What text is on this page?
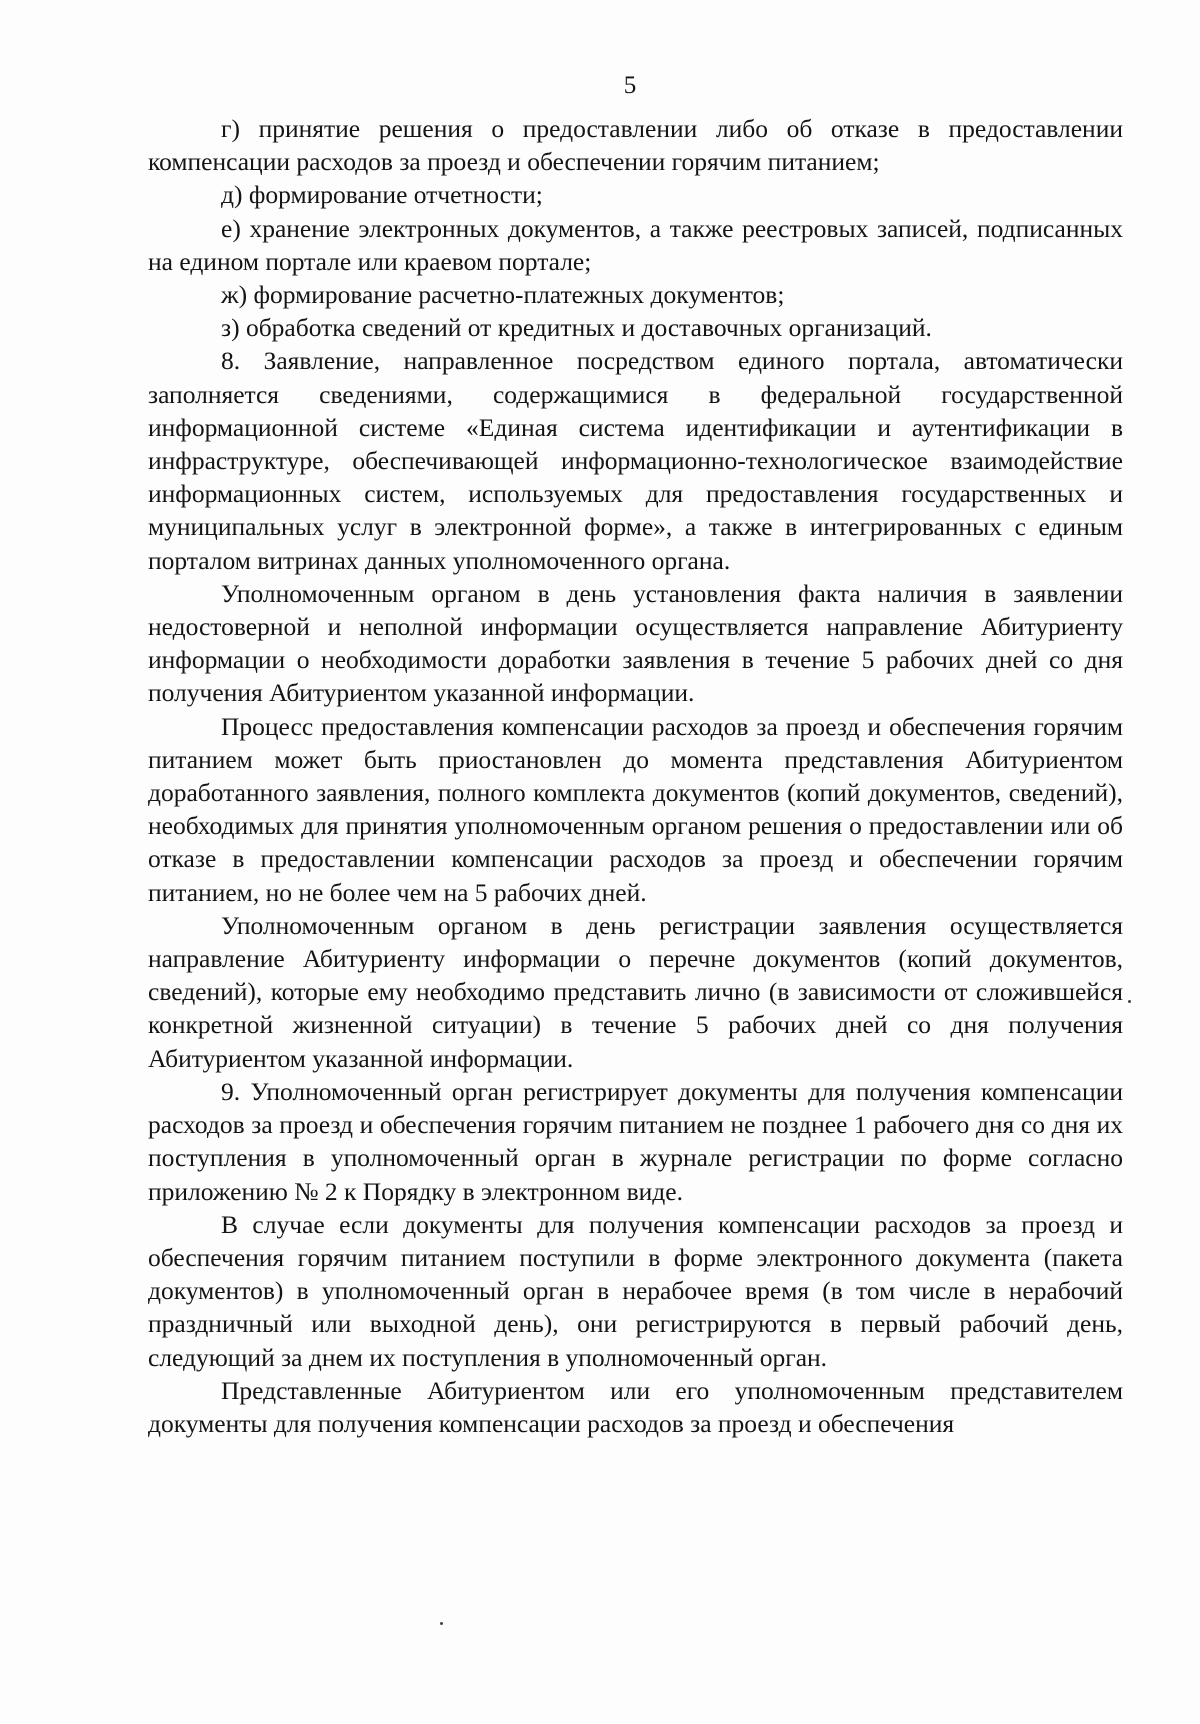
5

г) принятие решения о предоставлении либо об отказе в предоставлении компенсации расходов за проезд и обеспечении горячим питанием;

д) формирование отчетности;

е) хранение электронных документов, а также реестровых записей, подписанных на едином портале или краевом портале;

ж) формирование расчетно-платежных документов;

з) обработка сведений от кредитных и доставочных организаций.

8. Заявление, направленное посредством единого портала, автоматически заполняется сведениями, содержащимися в федеральной государственной информационной системе «Единая система идентификации и аутентификации в инфраструктуре, обеспечивающей информационно-технологическое взаимодействие информационных систем, используемых для предоставления государственных и муниципальных услуг в электронной форме», а также в интегрированных с единым порталом витринах данных уполномоченного органа.

Уполномоченным органом в день установления факта наличия в заявлении недостоверной и неполной информации осуществляется направление Абитуриенту информации о необходимости доработки заявления в течение 5 рабочих дней со дня получения Абитуриентом указанной информации.

Процесс предоставления компенсации расходов за проезд и обеспечения горячим питанием может быть приостановлен до момента представления Абитуриентом доработанного заявления, полного комплекта документов (копий документов, сведений), необходимых для принятия уполномоченным органом решения о предоставлении или об отказе в предоставлении компенсации расходов за проезд и обеспечении горячим питанием, но не более чем на 5 рабочих дней.

Уполномоченным органом в день регистрации заявления осуществляется направление Абитуриенту информации о перечне документов (копий документов, сведений), которые ему необходимо представить лично (в зависимости от сложившейся конкретной жизненной ситуации) в течение 5 рабочих дней со дня получения Абитуриентом указанной информации.

9. Уполномоченный орган регистрирует документы для получения компенсации расходов за проезд и обеспечения горячим питанием не позднее 1 рабочего дня со дня их поступления в уполномоченный орган в журнале регистрации по форме согласно приложению № 2 к Порядку в электронном виде.

В случае если документы для получения компенсации расходов за проезд и обеспечения горячим питанием поступили в форме электронного документа (пакета документов) в уполномоченный орган в нерабочее время (в том числе в нерабочий праздничный или выходной день), они регистрируются в первый рабочий день, следующий за днем их поступления в уполномоченный орган.

Представленные Абитуриентом или его уполномоченным представителем документы для получения компенсации расходов за проезд и обеспечения
